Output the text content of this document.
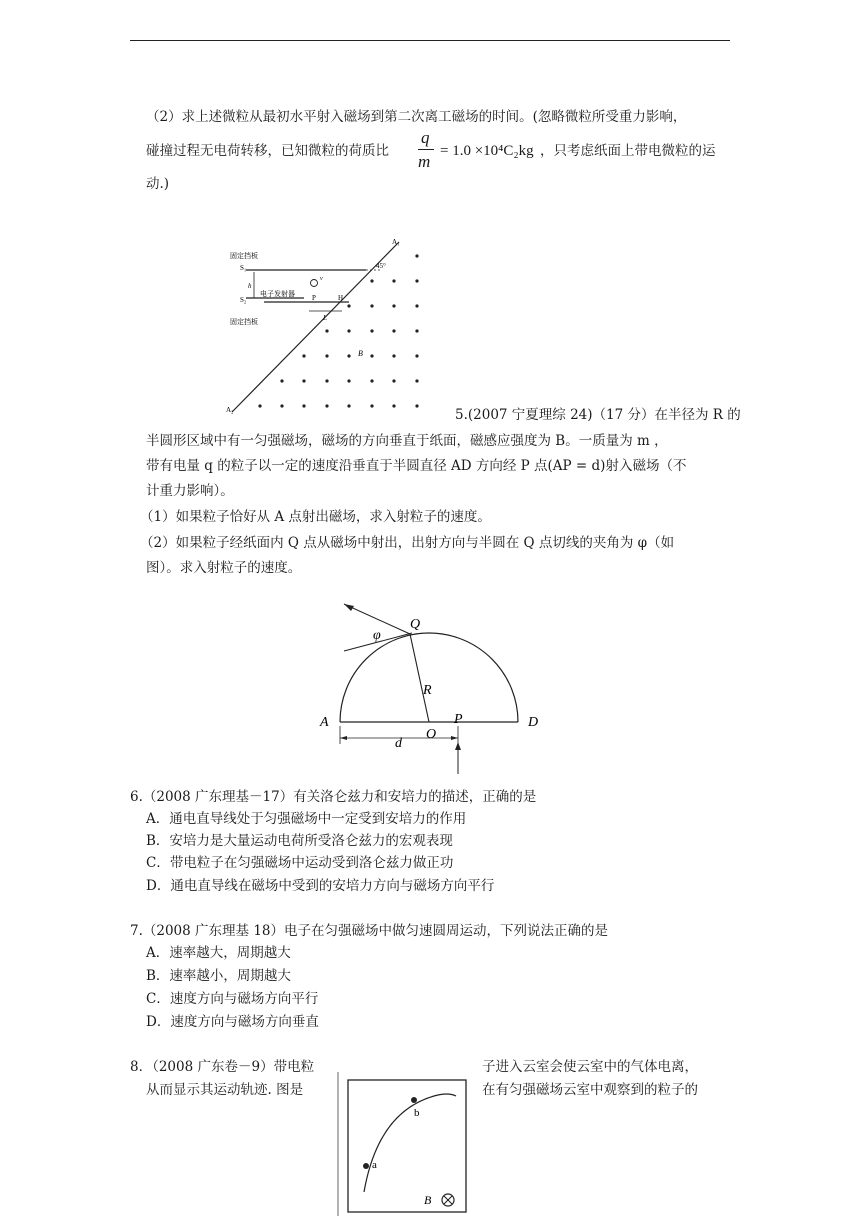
（2）求上述微粒从最初水平射入磁场到第二次离工磁场的时间。(忽略微粒所受重力影响，
碰撞过程无电荷转移，已知微粒的荷质比
q
m
= 1.0 ×10⁴C₂kg ，只考虑纸面上带电微粒的运
动.)
固定挡板
S₁
S₂
电子发射器
固定挡板
h
P	H
L
B
A₁
A₂
45°
v
5.(2007 宁夏理综 24)（17 分）在半径为 R 的
半圆形区域中有一匀强磁场，磁场的方向垂直于纸面，磁感应强度为 B。一质量为 m ，
带有电量 q 的粒子以一定的速度沿垂直于半圆直径 AD 方向经 P 点(AP = d)射入磁场（不
计重力影响）。
（1）如果粒子恰好从 A 点射出磁场，求入射粒子的速度。
（2）如果粒子经纸面内 Q 点从磁场中射出，出射方向与半圆在 Q 点切线的夹角为 φ（如
图）。求入射粒子的速度。
φ
Q
R
A	P	D
d
O
6.（2008 广东理基－17）有关洛仑兹力和安培力的描述，正确的是
A．通电直导线处于匀强磁场中一定受到安培力的作用
B．安培力是大量运动电荷所受洛仑兹力的宏观表现
C．带电粒子在匀强磁场中运动受到洛仑兹力做正功
D．通电直导线在磁场中受到的安培力方向与磁场方向平行
7.（2008 广东理基 18）电子在匀强磁场中做匀速圆周运动，下列说法正确的是
A．速率越大，周期越大
B．速率越小，周期越大
C．速度方向与磁场方向平行
D．速度方向与磁场方向垂直
8．（2008 广东卷－9）带电粒
从而显示其运动轨迹. 图是
子进入云室会使云室中的气体电离，
在有匀强磁场云室中观察到的粒子的
a
b
B
